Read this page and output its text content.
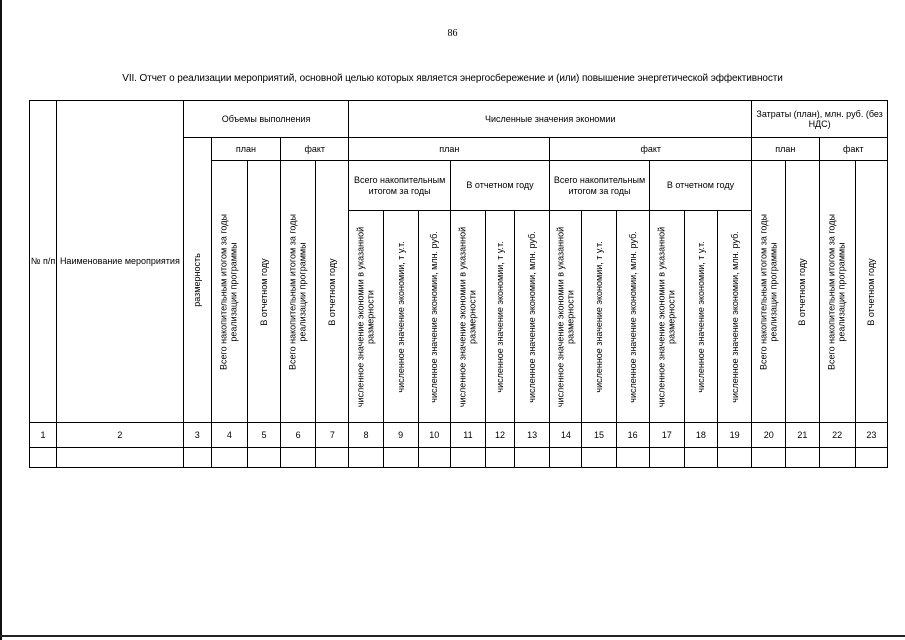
86
VII. Отчет о реализации мероприятий, основной целью которых является энергосбережение и (или) повышение энергетической эффективности
№ п/п	Наименование мероприятия	Объемы выполнения					Численные значения экономии												Затраты (план), млн. руб. (без НДС)			

		размерность	план		факт		план						факт						план		факт	

			Всего накопительным итогом за годы реализации программы	В отчетном году	Всего накопительным итогом за годы реализации программы	В отчетном году	Всего накопительным итогом за годы			В отчетном году			Всего накопительным итогом за годы			В отчетном году			Всего накопительным итогом за годы реализации программы	В отчетном году	Всего накопительным итогом за годы реализации программы	В отчетном году

							численное значение экономии в указанной размерности	численное значение экономии, т у.т.	численное значение экономии, млн. руб.	численное значение экономии в указанной размерности	численное значение экономии, т у.т.	численное значение экономии, млн. руб.	численное значение экономии в указанной размерности	численное значение экономии, т у.т.	численное значение экономии, млн. руб.	численное значение экономии в указанной размерности	численное значение экономии, т у.т.	численное значение экономии, млн. руб.				

1	2	3	4	5	6	7	8	9	10	11	12	13	14	15	16	17	18	19	20	21	22	23
